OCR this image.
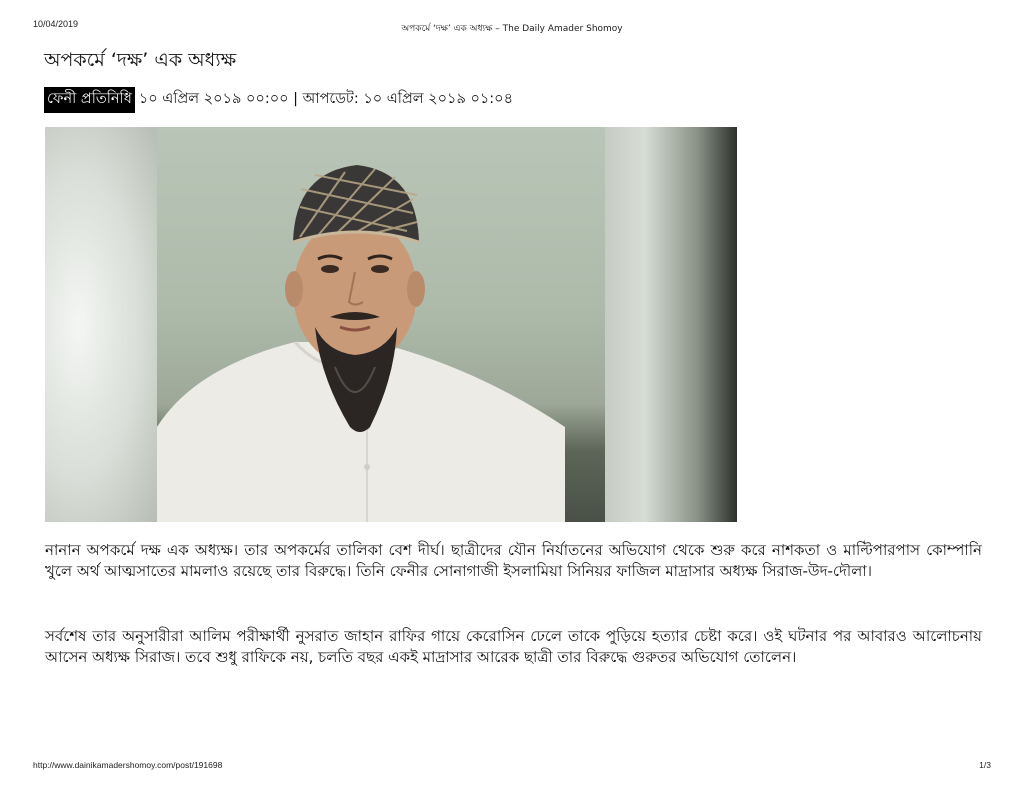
10/04/2019	অপকর্মে ‘দক্ষ’ এক অধ্যক্ষ – The Daily Amader Shomoy
অপকর্মে ‘দক্ষ’ এক অধ্যক্ষ
ফেনী প্রতিনিধি ১০ এপ্রিল ২০১৯ ০০:০০ | আপডেট: ১০ এপ্রিল ২০১৯ ০১:০৪

নানান অপকর্মে দক্ষ এক অধ্যক্ষ। তার অপকর্মের তালিকা বেশ দীর্ঘ। ছাত্রীদের যৌন নির্যাতনের অভিযোগ থেকে শুরু করে নাশকতা ও মাল্টিপারপাস কোম্পানি খুলে অর্থ আত্মসাতের মামলাও রয়েছে তার বিরুদ্ধে। তিনি ফেনীর সোনাগাজী ইসলামিয়া সিনিয়র ফাজিল মাদ্রাসার অধ্যক্ষ সিরাজ-উদ-দৌলা।

সর্বশেষ তার অনুসারীরা আলিম পরীক্ষার্থী নুসরাত জাহান রাফির গায়ে কেরোসিন ঢেলে তাকে পুড়িয়ে হত্যার চেষ্টা করে। ওই ঘটনার পর আবারও আলোচনায় আসেন অধ্যক্ষ সিরাজ। তবে শুধু রাফিকে নয়, চলতি বছর একই মাদ্রাসার আরেক ছাত্রী তার বিরুদ্ধে গুরুতর অভিযোগ তোলেন।

http://www.dainikamadershomoy.com/post/191698	1/3
